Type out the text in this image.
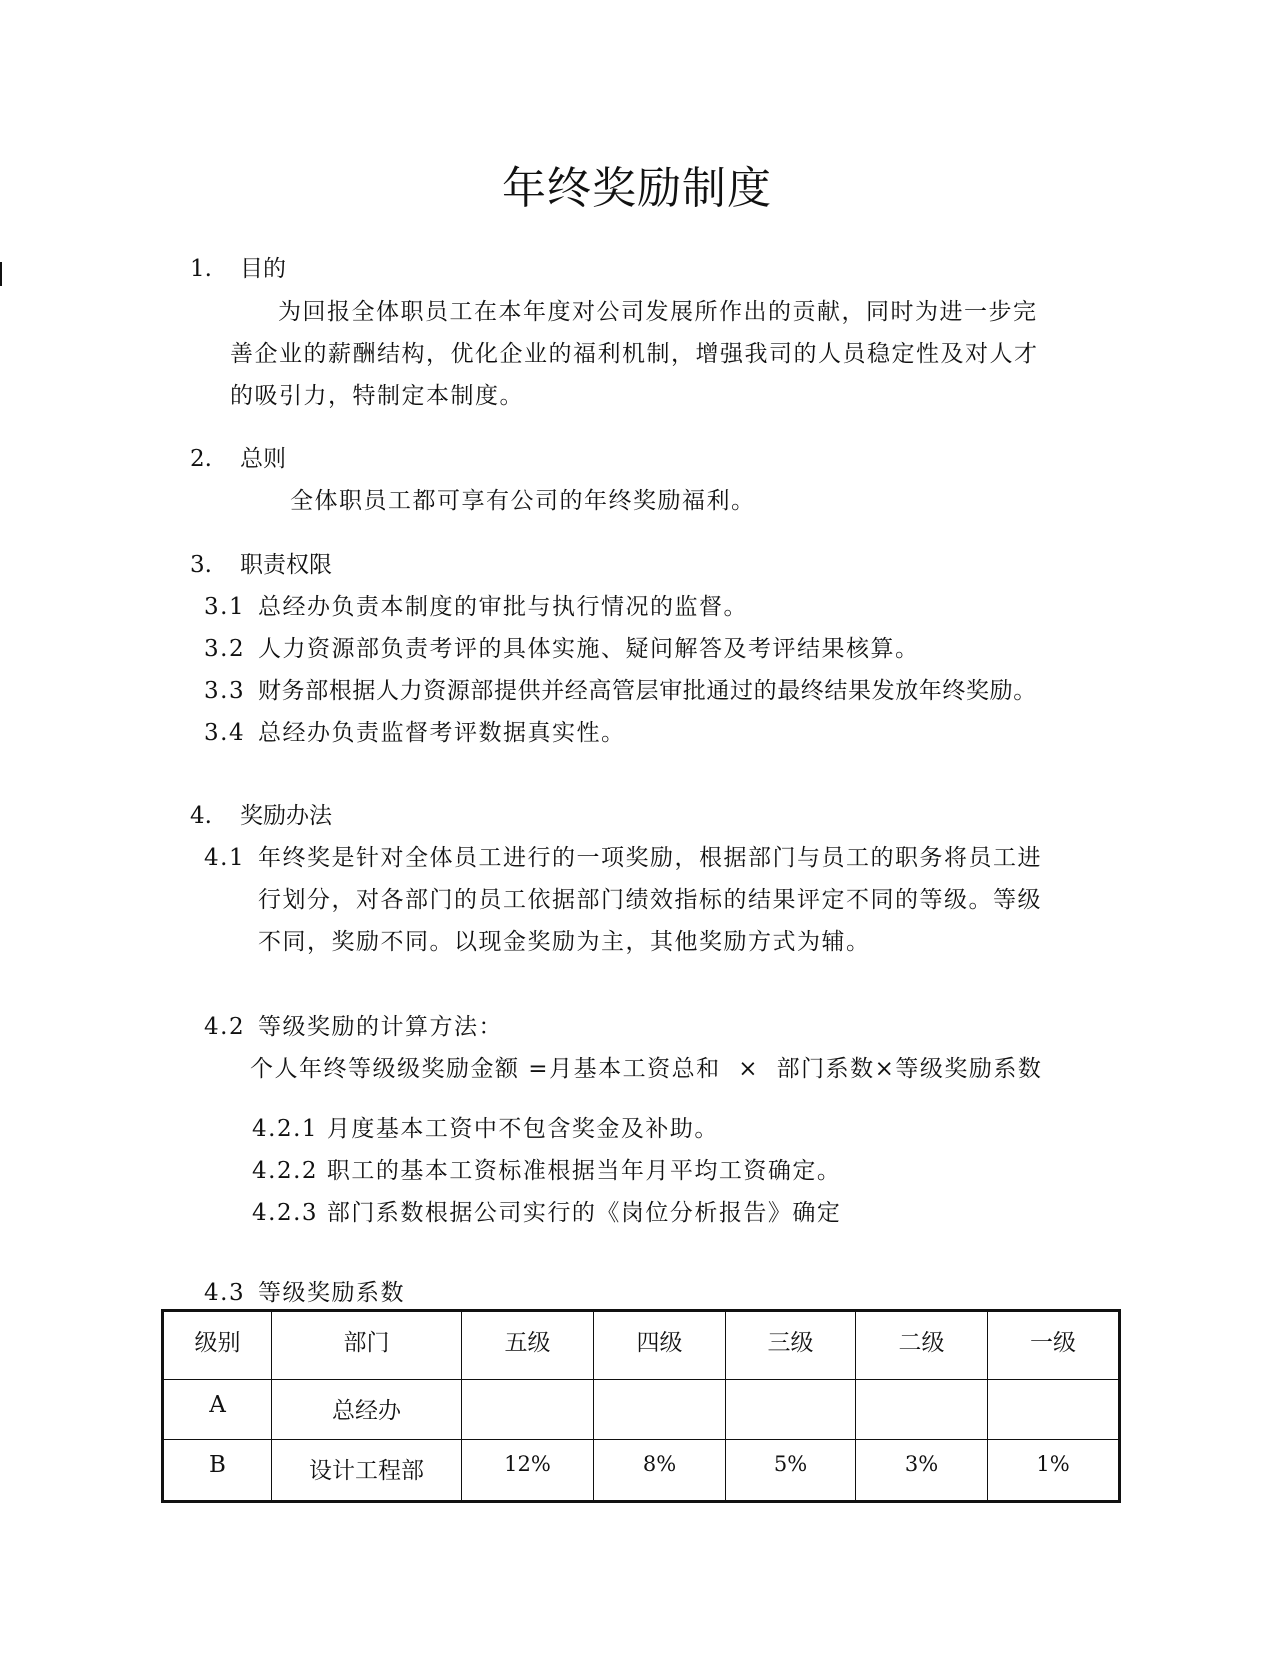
年终奖励制度
1. 目的
为回报全体职员工在本年度对公司发展所作出的贡献，同时为进一步完
善企业的薪酬结构，优化企业的福利机制，增强我司的人员稳定性及对人才
的吸引力，特制定本制度。
2. 总则
全体职员工都可享有公司的年终奖励福利。
3. 职责权限
3.1 总经办负责本制度的审批与执行情况的监督。
3.2 人力资源部负责考评的具体实施、疑问解答及考评结果核算。
3.3 财务部根据人力资源部提供并经高管层审批通过的最终结果发放年终奖励。
3.4 总经办负责监督考评数据真实性。
4. 奖励办法
4.1 年终奖是针对全体员工进行的一项奖励，根据部门与员工的职务将员工进
行划分，对各部门的员工依据部门绩效指标的结果评定不同的等级。等级
不同，奖励不同。以现金奖励为主，其他奖励方式为辅。
4.2 等级奖励的计算方法：
个人年终等级级奖励金额 =月基本工资总和  ×  部门系数×等级奖励系数
4.2.1 月度基本工资中不包含奖金及补助。
4.2.2 职工的基本工资标准根据当年月平均工资确定。
4.2.3 部门系数根据公司实行的《岗位分析报告》确定
4.3 等级奖励系数
级别	部门	五级	四级	三级	二级	一级
A	总经办					
B	设计工程部	12%	8%	5%	3%	1%
